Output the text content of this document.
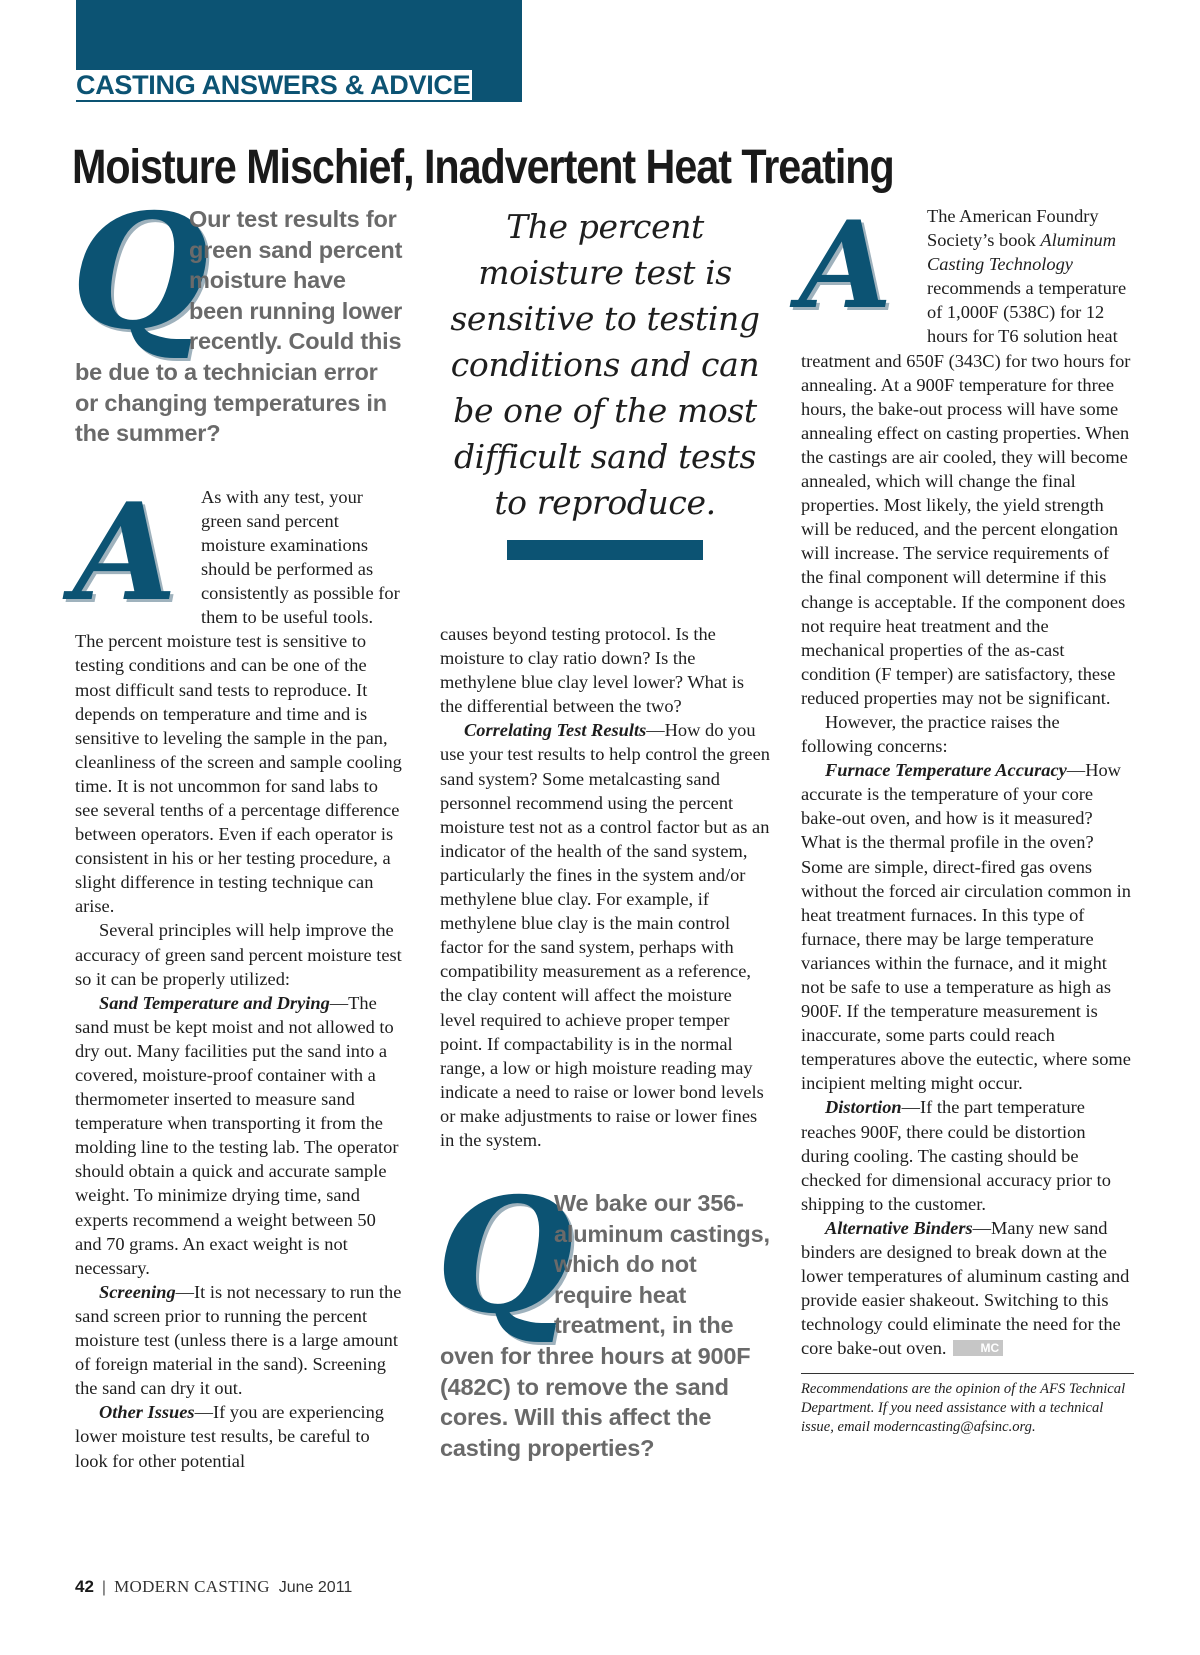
CASTING ANSWERS & ADVICE
Moisture Mischief, Inadvertent Heat Treating
Q
Our test results for green sand percent moisture have been running lower recently. Could this be due to a technician error or changing temperatures in the summer?
A	As with any test, your green sand percent moisture examinations should be performed as consistently as possible for them to be useful tools. The percent moisture test is sensitive to testing conditions and can be one of the most difficult sand tests to reproduce. It depends on temperature and time and is sensitive to leveling the sample in the pan, cleanliness of the screen and sample cooling time. It is not uncommon for sand labs to see several tenths of a percentage difference between operators. Even if each operator is consistent in his or her testing procedure, a slight difference in testing technique can arise.

Several principles will help improve the accuracy of green sand percent moisture test so it can be properly utilized:

Sand Temperature and Drying—The sand must be kept moist and not allowed to dry out. Many facilities put the sand into a covered, moisture-proof container with a thermometer inserted to measure sand temperature when transporting it from the molding line to the testing lab. The operator should obtain a quick and accurate sample weight. To minimize drying time, sand experts recommend a weight between 50 and 70 grams. An exact weight is not necessary.

Screening—It is not necessary to run the sand screen prior to running the percent moisture test (unless there is a large amount of foreign material in the sand). Screening the sand can dry it out.

Other Issues—If you are experiencing lower moisture test results, be careful to look for other potential

The percent moisture test is sensitive to testing conditions and can be one of the most difficult sand tests to reproduce.

causes beyond testing protocol. Is the moisture to clay ratio down? Is the methylene blue clay level lower? What is the differential between the two?

Correlating Test Results—How do you use your test results to help control the green sand system? Some metalcasting sand personnel recommend using the percent moisture test not as a control factor but as an indicator of the health of the sand system, particularly the fines in the system and/or methylene blue clay. For example, if methylene blue clay is the main control factor for the sand system, perhaps with compatibility measurement as a reference, the clay content will affect the moisture level required to achieve proper temper point. If compactability is in the normal range, a low or high moisture reading may indicate a need to raise or lower bond levels or make adjustments to raise or lower fines in the system.

Q
We bake our 356-aluminum castings, which do not require heat treatment, in the oven for three hours at 900F (482C) to remove the sand cores. Will this affect the casting properties?
A	The American Foundry Society’s book Aluminum Casting Technology recommends a temperature of 1,000F (538C) for 12 hours for T6 solution heat treatment and 650F (343C) for two hours for annealing. At a 900F temperature for three hours, the bake-out process will have some annealing effect on casting properties. When the castings are air cooled, they will become annealed, which will change the final properties. Most likely, the yield strength will be reduced, and the percent elongation will increase. The service requirements of the final component will determine if this change is acceptable. If the component does not require heat treatment and the mechanical properties of the as-cast condition (F temper) are satisfactory, these reduced properties may not be significant.

However, the practice raises the following concerns:

Furnace Temperature Accuracy—How accurate is the temperature of your core bake-out oven, and how is it measured? What is the thermal profile in the oven? Some are simple, direct-fired gas ovens without the forced air circulation common in heat treatment furnaces. In this type of furnace, there may be large temperature variances within the furnace, and it might not be safe to use a temperature as high as 900F. If the temperature measurement is inaccurate, some parts could reach temperatures above the eutectic, where some incipient melting might occur.

Distortion—If the part temperature reaches 900F, there could be distortion during cooling. The casting should be checked for dimensional accuracy prior to shipping to the customer.

Alternative Binders—Many new sand binders are designed to break down at the lower temperatures of aluminum casting and provide easier shakeout. Switching to this technology could eliminate the need for the core bake-out oven.	MC

Recommendations are the opinion of the AFS Technical Department. If you need assistance with a technical issue, email moderncasting@afsinc.org.
42 | MODERN CASTING June 2011
